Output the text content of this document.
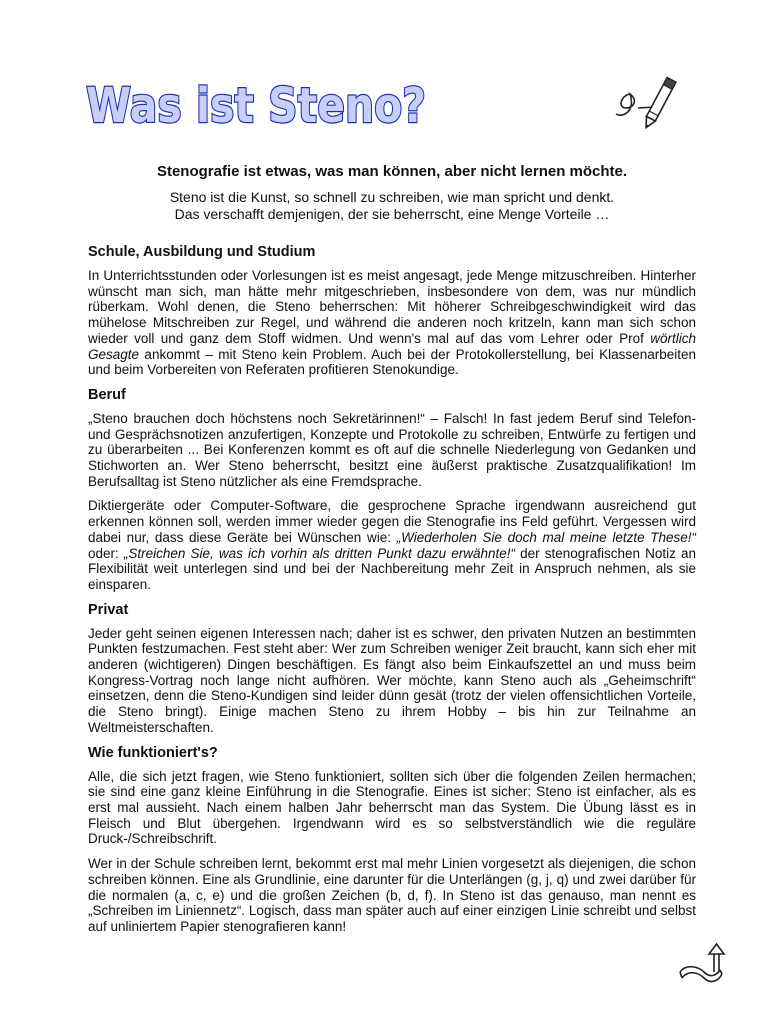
Was ist Steno?
Stenografie ist etwas, was man können, aber nicht lernen möchte.
Steno ist die Kunst, so schnell zu schreiben, wie man spricht und denkt.
Das verschafft demjenigen, der sie beherrscht, eine Menge Vorteile …
Schule, Ausbildung und Studium

In Unterrichtsstunden oder Vorlesungen ist es meist angesagt, jede Menge mitzuschreiben. Hinterher wünscht man sich, man hätte mehr mitgeschrieben, insbesondere von dem, was nur mündlich rüberkam. Wohl denen, die Steno beherrschen: Mit höherer Schreibgeschwindigkeit wird das mühelose Mitschreiben zur Regel, und während die anderen noch kritzeln, kann man sich schon wieder voll und ganz dem Stoff widmen. Und wenn's mal auf das vom Lehrer oder Prof wörtlich Gesagte ankommt – mit Steno kein Problem. Auch bei der Protokollerstellung, bei Klassenarbeiten und beim Vorbereiten von Referaten profitieren Stenokundige.

Beruf

„Steno brauchen doch höchstens noch Sekretärinnen!“ – Falsch! In fast jedem Beruf sind Telefon- und Gesprächsnotizen anzufertigen, Konzepte und Protokolle zu schreiben, Entwürfe zu fertigen und zu überarbeiten ... Bei Konferenzen kommt es oft auf die schnelle Niederlegung von Gedanken und Stichworten an. Wer Steno beherrscht, besitzt eine äußerst praktische Zusatzqualifikation! Im Berufsalltag ist Steno nützlicher als eine Fremdsprache.

Diktiergeräte oder Computer-Software, die gesprochene Sprache irgendwann ausreichend gut erkennen können soll, werden immer wieder gegen die Stenografie ins Feld geführt. Vergessen wird dabei nur, dass diese Geräte bei Wünschen wie: „Wiederholen Sie doch mal meine letzte These!“ oder: „Streichen Sie, was ich vorhin als dritten Punkt dazu erwähnte!“ der stenografischen Notiz an Flexibilität weit unterlegen sind und bei der Nachbereitung mehr Zeit in Anspruch nehmen, als sie einsparen.

Privat

Jeder geht seinen eigenen Interessen nach; daher ist es schwer, den privaten Nutzen an bestimmten Punkten festzumachen. Fest steht aber: Wer zum Schreiben weniger Zeit braucht, kann sich eher mit anderen (wichtigeren) Dingen beschäftigen. Es fängt also beim Einkaufszettel an und muss beim Kongress-Vortrag noch lange nicht aufhören. Wer möchte, kann Steno auch als „Geheimschrift“ einsetzen, denn die Steno-Kundigen sind leider dünn gesät (trotz der vielen offensichtlichen Vorteile, die Steno bringt). Einige machen Steno zu ihrem Hobby – bis hin zur Teilnahme an Weltmeisterschaften.

Wie funktioniert's?

Alle, die sich jetzt fragen, wie Steno funktioniert, sollten sich über die folgenden Zeilen hermachen; sie sind eine ganz kleine Einführung in die Stenografie. Eines ist sicher: Steno ist einfacher, als es erst mal aussieht. Nach einem halben Jahr beherrscht man das System. Die Übung lässt es in Fleisch und Blut übergehen. Irgendwann wird es so selbstverständlich wie die reguläre Druck-/Schreibschrift.

Wer in der Schule schreiben lernt, bekommt erst mal mehr Linien vorgesetzt als diejenigen, die schon schreiben können. Eine als Grundlinie, eine darunter für die Unterlängen (g, j, q) und zwei darüber für die normalen (a, c, e) und die großen Zeichen (b, d, f). In Steno ist das genauso, man nennt es „Schreiben im Liniennetz“. Logisch, dass man später auch auf einer einzigen Linie schreibt und selbst auf unliniertem Papier stenografieren kann!
